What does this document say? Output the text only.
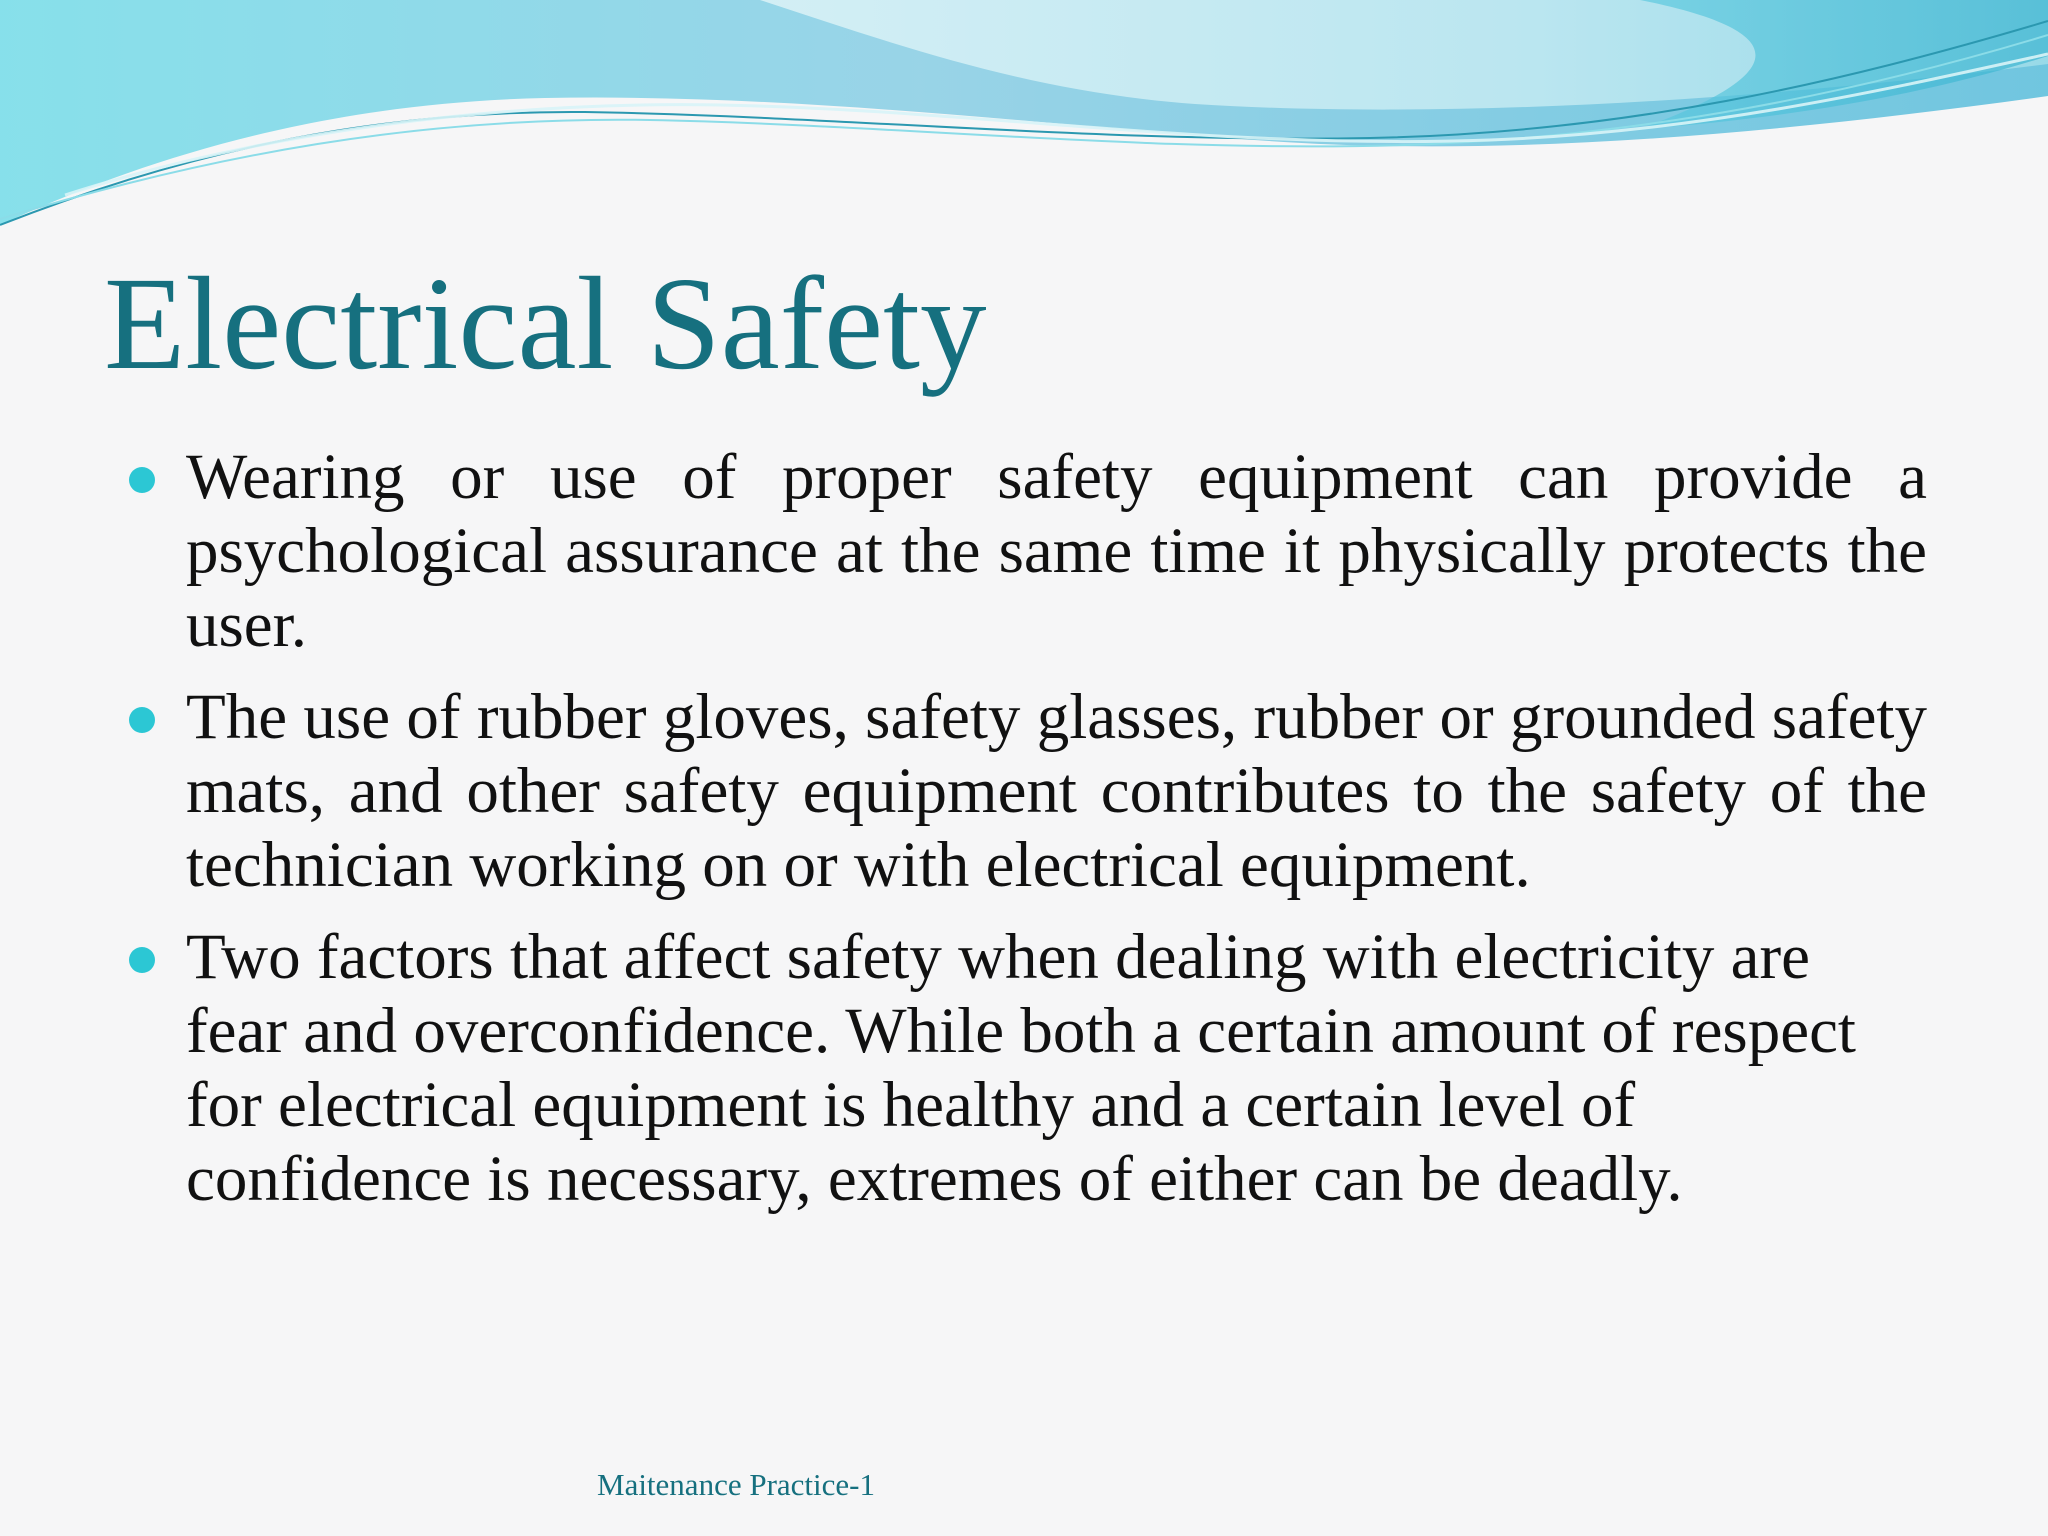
Electrical Safety
Wearing or use of proper safety equipment can provide a psychological assurance at the same time it physically protects the user.
The use of rubber gloves, safety glasses, rubber or grounded safety mats, and other safety equipment contributes to the safety of the technician working on or with electrical equipment.
Two factors that affect safety when dealing with electricity are fear and overconfidence. While both a certain amount of respect for electrical equipment is healthy and a certain level of confidence is necessary, extremes of either can be deadly.
Maitenance Practice-1
